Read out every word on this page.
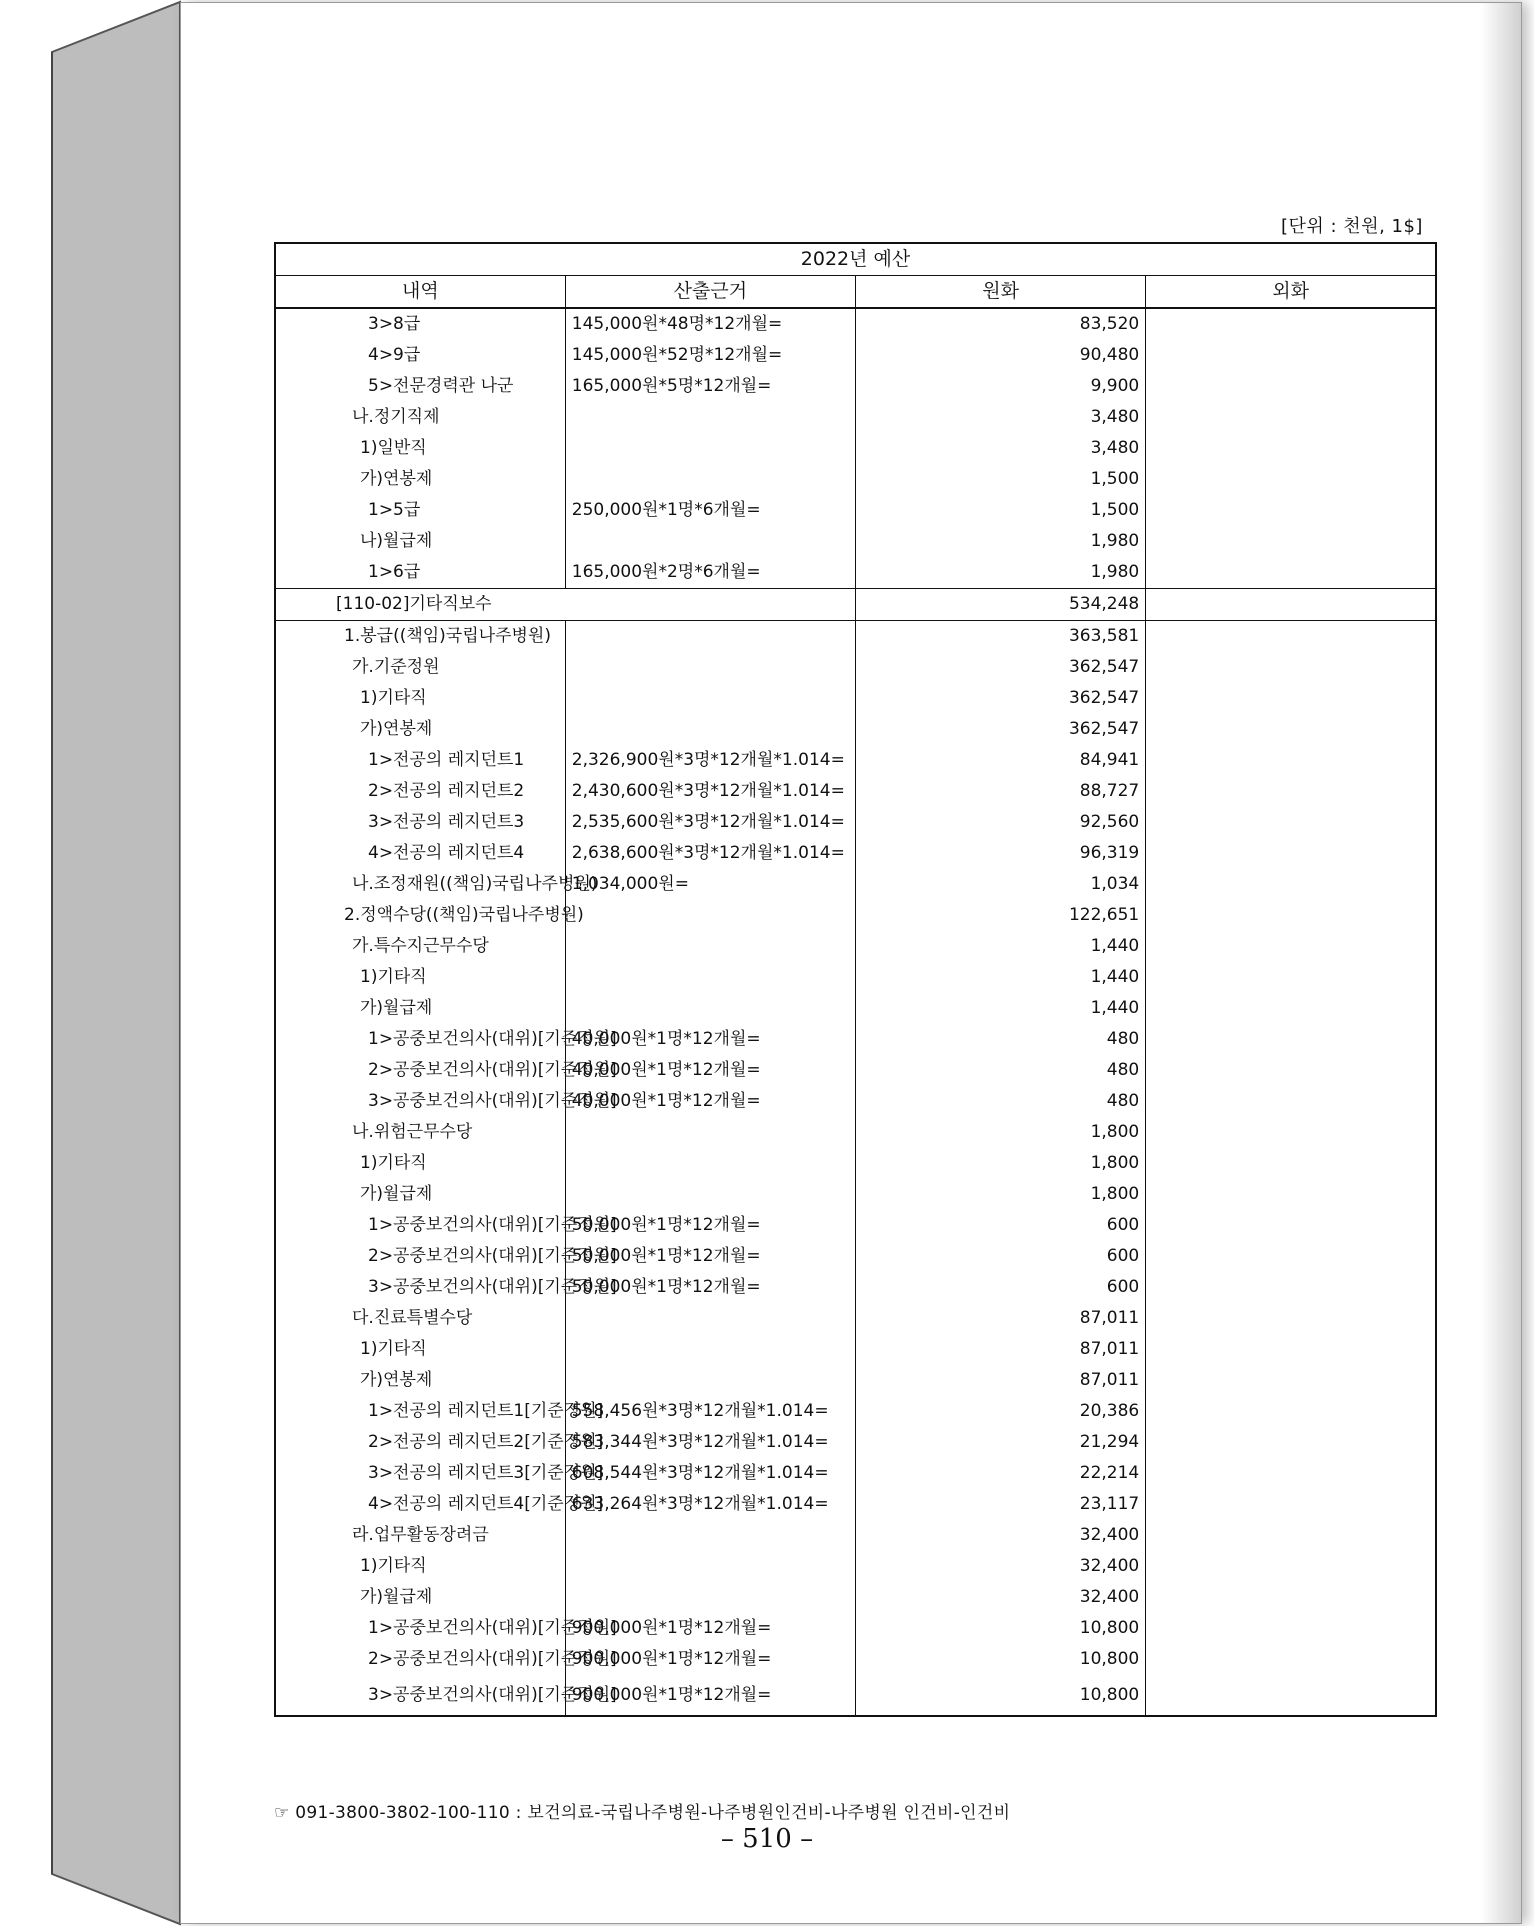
[단위 : 천원, 1$]
2022년 예산			
내역	산출근거	원화	외화
3>8급	145,000원*48명*12개월=	83,520	
4>9급	145,000원*52명*12개월=	90,480	
5>전문경력관 나군	165,000원*5명*12개월=	9,900	
나.정기직제		3,480	
1)일반직		3,480	
가)연봉제		1,500	
1>5급	250,000원*1명*6개월=	1,500	
나)월급제		1,980	
1>6급	165,000원*2명*6개월=	1,980	
[110-02]기타직보수		534,248	
1.봉급((책임)국립나주병원)		363,581	
가.기준정원		362,547	
1)기타직		362,547	
가)연봉제		362,547	
1>전공의 레지던트1	2,326,900원*3명*12개월*1.014=	84,941	
2>전공의 레지던트2	2,430,600원*3명*12개월*1.014=	88,727	
3>전공의 레지던트3	2,535,600원*3명*12개월*1.014=	92,560	
4>전공의 레지던트4	2,638,600원*3명*12개월*1.014=	96,319	
나.조정재원((책임)국립나주병원)	1,034,000원=	1,034	
2.정액수당((책임)국립나주병원)		122,651	
가.특수지근무수당		1,440	
1)기타직		1,440	
가)월급제		1,440	
1>공중보건의사(대위)[기준정원]	40,000원*1명*12개월=	480	
2>공중보건의사(대위)[기준정원]	40,000원*1명*12개월=	480	
3>공중보건의사(대위)[기준정원]	40,000원*1명*12개월=	480	
나.위험근무수당		1,800	
1)기타직		1,800	
가)월급제		1,800	
1>공중보건의사(대위)[기준정원]	50,000원*1명*12개월=	600	
2>공중보건의사(대위)[기준정원]	50,000원*1명*12개월=	600	
3>공중보건의사(대위)[기준정원]	50,000원*1명*12개월=	600	
다.진료특별수당		87,011	
1)기타직		87,011	
가)연봉제		87,011	
1>전공의 레지던트1[기준정원]	558,456원*3명*12개월*1.014=	20,386	
2>전공의 레지던트2[기준정원]	583,344원*3명*12개월*1.014=	21,294	
3>전공의 레지던트3[기준정원]	608,544원*3명*12개월*1.014=	22,214	
4>전공의 레지던트4[기준정원]	633,264원*3명*12개월*1.014=	23,117	
라.업무활동장려금		32,400	
1)기타직		32,400	
가)월급제		32,400	
1>공중보건의사(대위)[기준정원]	900,000원*1명*12개월=	10,800	
2>공중보건의사(대위)[기준정원]	900,000원*1명*12개월=	10,800	
3>공중보건의사(대위)[기준정원]	900,000원*1명*12개월=	10,800	
☞ 091-3800-3802-100-110 : 보건의료-국립나주병원-나주병원인건비-나주병원 인건비-인건비
– 510 –
